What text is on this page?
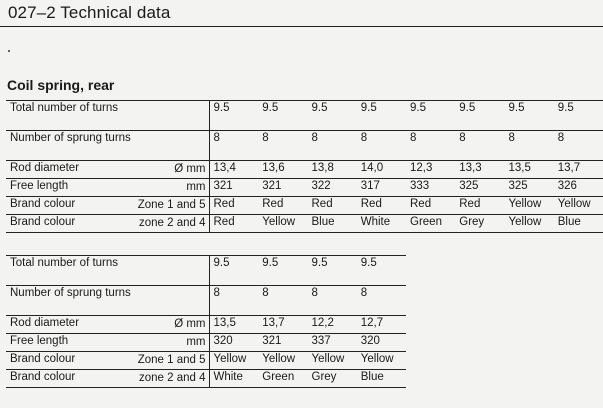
027–2 Technical data
Coil spring, rear
Total number of turns	9.5	9.5	9.5	9.5	9.5	9.5	9.5	9.5

Number of sprung turns	8	8	8	8	8	8	8	8

Rod diameter Ø mm	13,4	13,6	13,8	14,0	12,3	13,3	13,5	13,7

Free length mm	321	321	322	317	333	325	325	326

Brand colour Zone 1 and 5	Red	Red	Red	Red	Red	Red	Yellow	Yellow

Brand colour zone 2 and 4	Red	Yellow	Blue	White	Green	Grey	Yellow	Blue
Total number of turns	9.5	9.5	9.5	9.5

Number of sprung turns	8	8	8	8

Rod diameter Ø mm	13,5	13,7	12,2	12,7

Free length mm	320	321	337	320

Brand colour Zone 1 and 5	Yellow	Yellow	Yellow	Yellow

Brand colour zone 2 and 4	White	Green	Grey	Blue
